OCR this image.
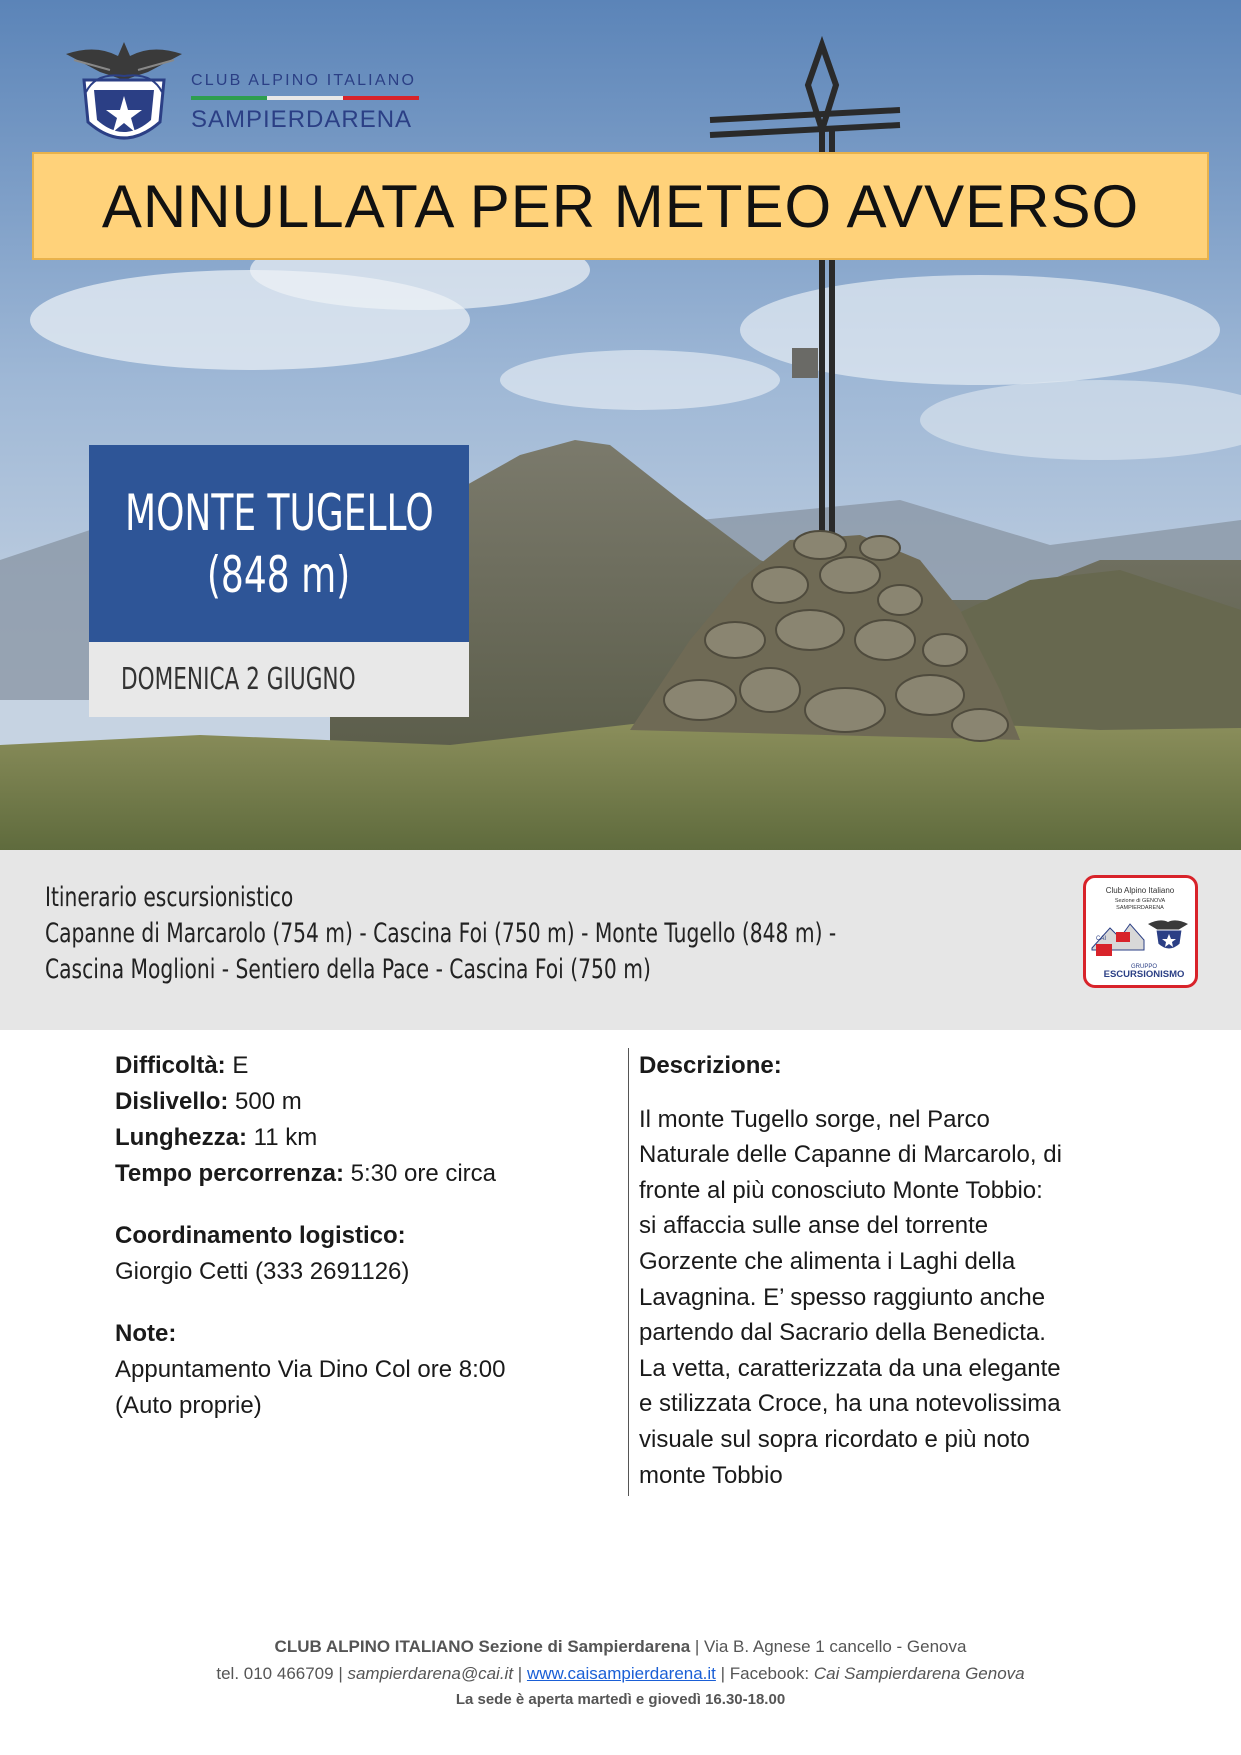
CLUB ALPINO ITALIANO
SAMPIERDARENA
ANNULLATA PER METEO AVVERSO
MONTE TUGELLO
(848 m)
DOMENICA 2 GIUGNO
Itinerario escursionistico
Capanne di Marcarolo (754 m) - Cascina Foi (750 m) - Monte Tugello (848 m) -
Cascina Moglioni - Sentiero della Pace - Cascina Foi (750 m)
Club Alpino Italiano
Sezione di GENOVA
SAMPIERDARENA
CAI
GRUPPO
ESCURSIONISMO
Difficoltà: E
Dislivello: 500 m
Lunghezza: 11 km
Tempo percorrenza: 5:30 ore circa
Coordinamento logistico:
Giorgio Cetti (333 2691126)
Note:
Appuntamento Via Dino Col ore 8:00
(Auto proprie)
Descrizione:
Il monte Tugello sorge, nel Parco
Naturale delle Capanne di Marcarolo, di
fronte al più conosciuto Monte Tobbio:
si affaccia sulle anse del torrente
Gorzente che alimenta i Laghi della
Lavagnina. E’ spesso raggiunto anche
partendo dal Sacrario della Benedicta.
La vetta, caratterizzata da una elegante
e stilizzata Croce, ha una notevolissima
visuale sul sopra ricordato e più noto
monte Tobbio
CLUB ALPINO ITALIANO Sezione di Sampierdarena | Via B. Agnese 1 cancello - Genova
tel. 010 466709 | sampierdarena@cai.it | www.caisampierdarena.it | Facebook: Cai Sampierdarena Genova
La sede è aperta martedì e giovedì 16.30-18.00
